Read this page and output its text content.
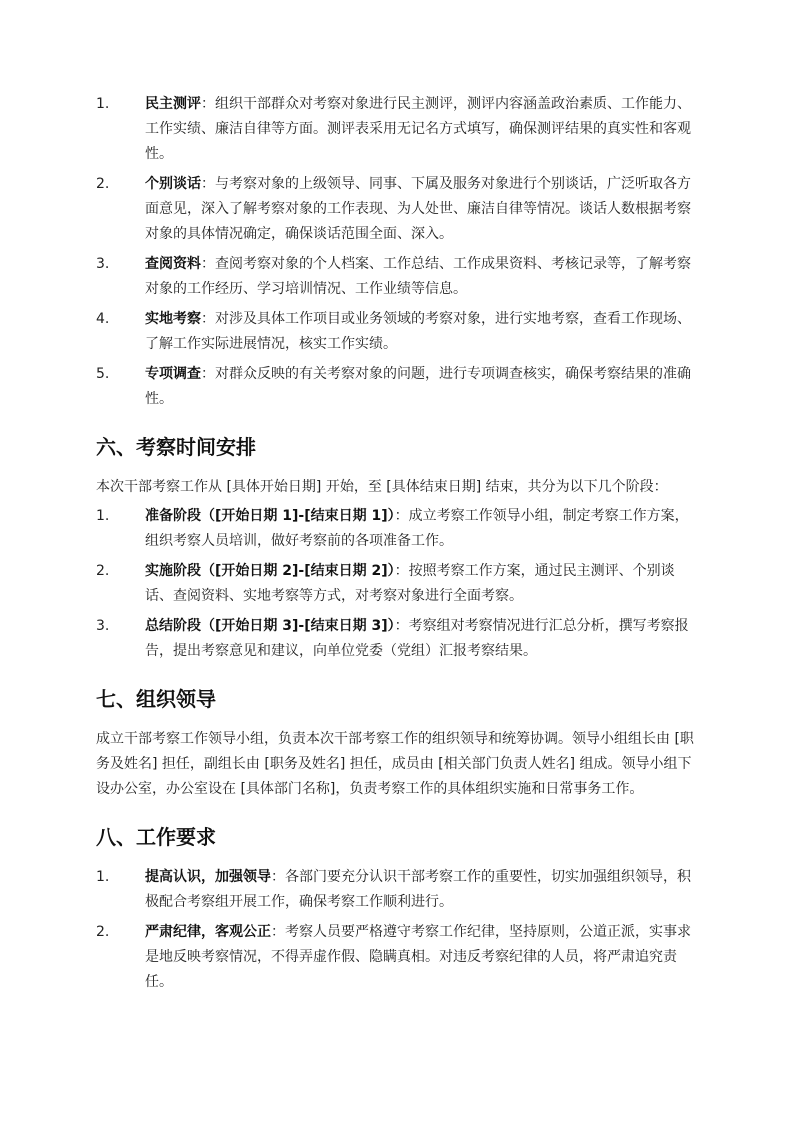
1.	民主测评：组织干部群众对考察对象进行民主测评，测评内容涵盖政治素质、工作能力、工作实绩、廉洁自律等方面。测评表采用无记名方式填写，确保测评结果的真实性和客观性。
2.	个别谈话：与考察对象的上级领导、同事、下属及服务对象进行个别谈话，广泛听取各方面意见，深入了解考察对象的工作表现、为人处世、廉洁自律等情况。谈话人数根据考察对象的具体情况确定，确保谈话范围全面、深入。
3.	查阅资料：查阅考察对象的个人档案、工作总结、工作成果资料、考核记录等，了解考察对象的工作经历、学习培训情况、工作业绩等信息。
4.	实地考察：对涉及具体工作项目或业务领域的考察对象，进行实地考察，查看工作现场、了解工作实际进展情况，核实工作实绩。
5.	专项调查：对群众反映的有关考察对象的问题，进行专项调查核实，确保考察结果的准确性。
六、考察时间安排

本次干部考察工作从 [具体开始日期] 开始，至 [具体结束日期] 结束，共分为以下几个阶段：

1.	准备阶段（[开始日期 1]-[结束日期 1]）：成立考察工作领导小组，制定考察工作方案，组织考察人员培训，做好考察前的各项准备工作。
2.	实施阶段（[开始日期 2]-[结束日期 2]）：按照考察工作方案，通过民主测评、个别谈话、查阅资料、实地考察等方式，对考察对象进行全面考察。
3.	总结阶段（[开始日期 3]-[结束日期 3]）：考察组对考察情况进行汇总分析，撰写考察报告，提出考察意见和建议，向单位党委（党组）汇报考察结果。
七、组织领导

成立干部考察工作领导小组，负责本次干部考察工作的组织领导和统筹协调。领导小组组长由 [职务及姓名] 担任，副组长由 [职务及姓名] 担任，成员由 [相关部门负责人姓名] 组成。领导小组下设办公室，办公室设在 [具体部门名称]，负责考察工作的具体组织实施和日常事务工作。

八、工作要求
1.	提高认识，加强领导：各部门要充分认识干部考察工作的重要性，切实加强组织领导，积极配合考察组开展工作，确保考察工作顺利进行。
2.	严肃纪律，客观公正：考察人员要严格遵守考察工作纪律，坚持原则，公道正派，实事求是地反映考察情况，不得弄虚作假、隐瞒真相。对违反考察纪律的人员，将严肃追究责任。
